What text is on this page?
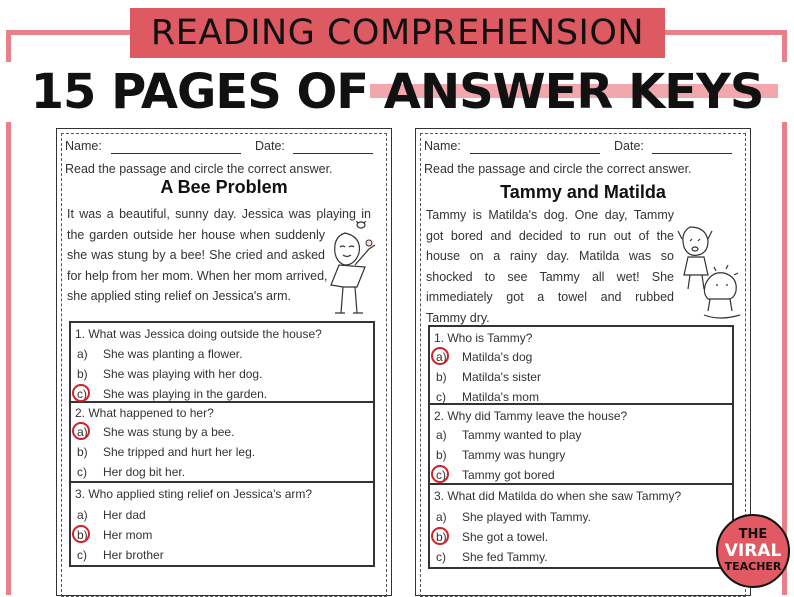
READING COMPREHENSION
15 PAGES OF ANSWER KEYS
Name:	Date:
Read the passage and circle the correct answer.
A Bee Problem
It was a beautiful, sunny day. Jessica was playing in
the garden outside her house when suddenly
she was stung by a bee! She cried and asked
for help from her mom. When her mom arrived,
she applied sting relief on Jessica's arm.
1. What was Jessica doing outside the house?
a) She was planting a flower.
b) She was playing with her dog.
c) She was playing in the garden.
2. What happened to her?
a) She was stung by a bee.
b) She tripped and hurt her leg.
c) Her dog bit her.
3. Who applied sting relief on Jessica's arm?
a) Her dad
b) Her mom
c) Her brother
Name:	Date:
Read the passage and circle the correct answer.
Tammy and Matilda
Tammy is Matilda's dog. One day, Tammy
got bored and decided to run out of the
house on a rainy day. Matilda was so
shocked to see Tammy all wet! She
immediately got a towel and rubbed
Tammy dry.
1. Who is Tammy?
a) Matilda's dog
b) Matilda's sister
c) Matilda's mom
2. Why did Tammy leave the house?
a) Tammy wanted to play
b) Tammy was hungry
c) Tammy got bored
3. What did Matilda do when she saw Tammy?
a) She played with Tammy.
b) She got a towel.
c) She fed Tammy.
THE
VIRAL
TEACHER
